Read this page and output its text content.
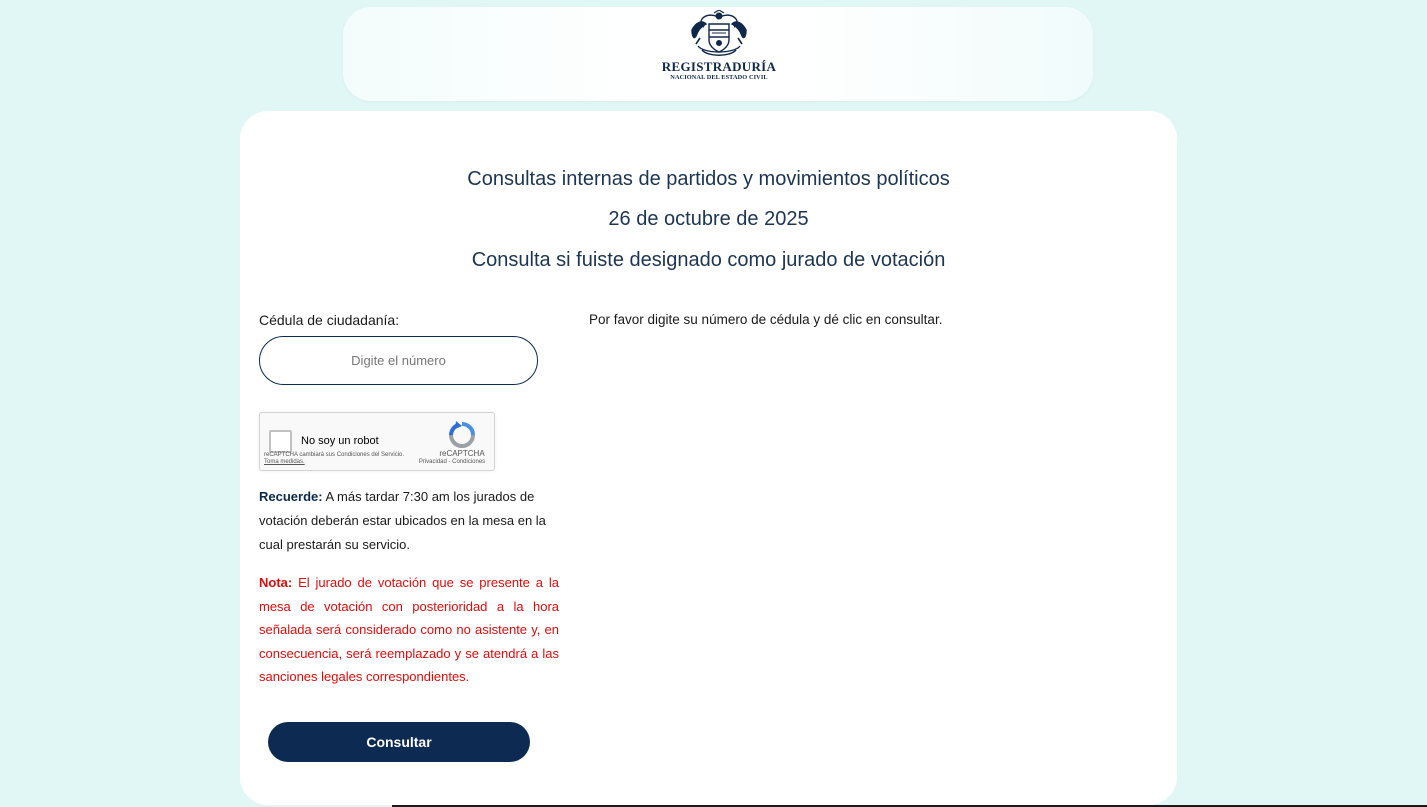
REGISTRADURÍA
NACIONAL DEL ESTADO CIVIL
Consultas internas de partidos y movimientos políticos
26 de octubre de 2025
Consulta si fuiste designado como jurado de votación
Cédula de ciudadanía:
Digite el número
No soy un robot
reCAPTCHA cambiará sus Condiciones del Servicio. Toma medidas.
reCAPTCHA
Privacidad - Condiciones
Recuerde: A más tardar 7:30 am los jurados de votación deberán estar ubicados en la mesa en la cual prestarán su servicio.
Nota: El jurado de votación que se presente a la mesa de votación con posterioridad a la hora señalada será considerado como no asistente y, en consecuencia, será reemplazado y se atendrá a las sanciones legales correspondientes.
Consultar
Por favor digite su número de cédula y dé clic en consultar.
